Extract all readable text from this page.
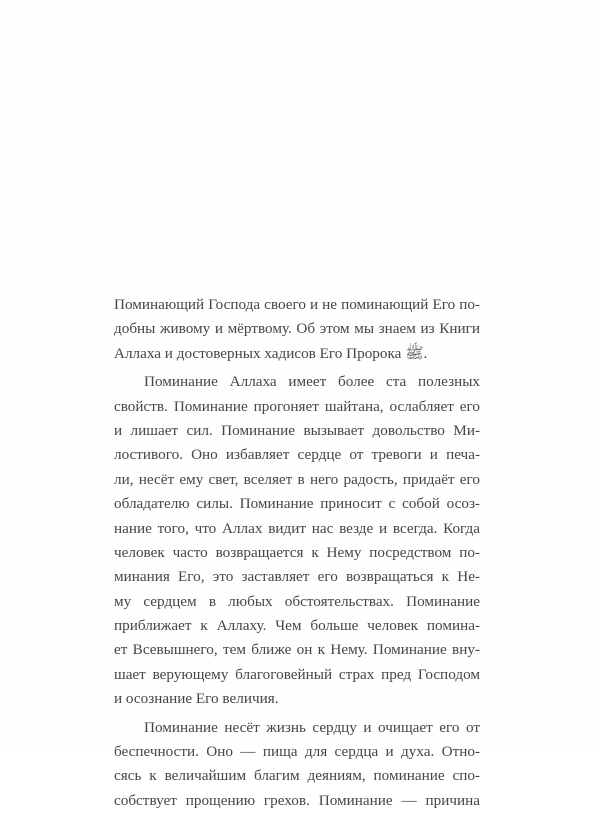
Поминающий Господа своего и не поминающий Его по-
добны живому и мёртвому. Об этом мы знаем из Книги
Аллаха и достоверных хадисов Его Пророка ﷺ.
Поминание Аллаха имеет более ста полезных
свойств. Поминание прогоняет шайтана, ослабляет его
и лишает сил. Поминание вызывает довольство Ми-
лостивого. Оно избавляет сердце от тревоги и печа-
ли, несёт ему свет, вселяет в него радость, придаёт его
обладателю силы. Поминание приносит с собой осоз-
нание того, что Аллах видит нас везде и всегда. Когда
человек часто возвращается к Нему посредством по-
минания Его, это заставляет его возвращаться к Не-
му сердцем в любых обстоятельствах. Поминание
приближает к Аллаху. Чем больше человек помина-
ет Всевышнего, тем ближе он к Нему. Поминание вну-
шает верующему благоговейный страх пред Господом
и осознание Его величия.
Поминание несёт жизнь сердцу и очищает его от
беспечности. Оно — пища для сердца и духа. Отно-
сясь к величайшим благим деяниям, поминание спо-
собствует прощению грехов. Поминание — причина
